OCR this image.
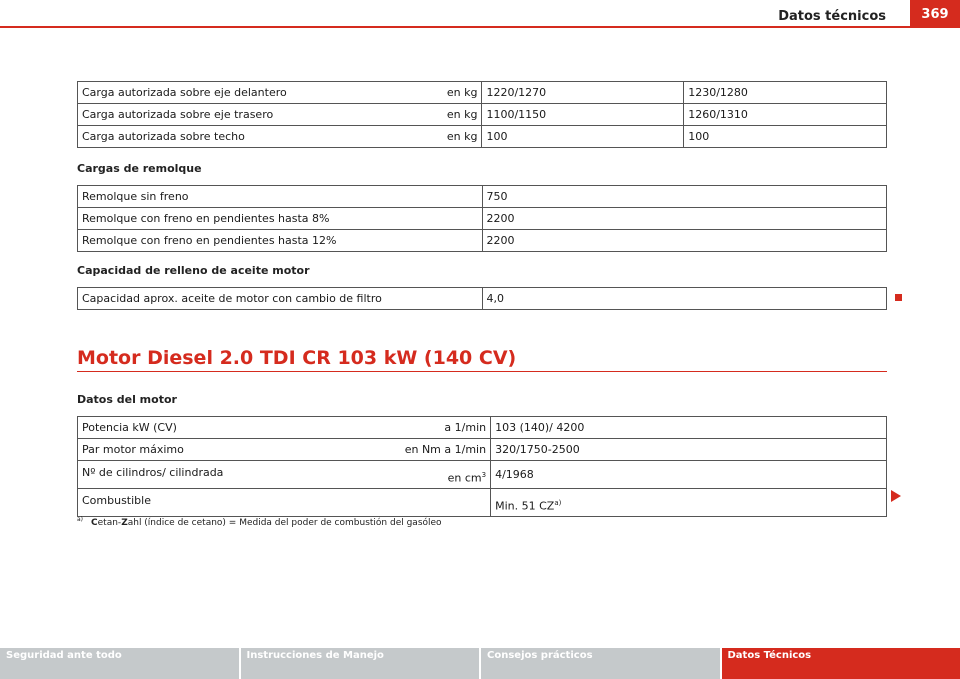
Datos técnicos	369
Carga autorizada sobre eje delantero	en kg	1220/1270	1230/1280
Carga autorizada sobre eje trasero	en kg	1100/1150	1260/1310
Carga autorizada sobre techo	en kg	100	100
Cargas de remolque
Remolque sin freno	750
Remolque con freno en pendientes hasta 8%	2200
Remolque con freno en pendientes hasta 12%	2200
Capacidad de relleno de aceite motor
Capacidad aprox. aceite de motor con cambio de filtro	4,0
Motor Diesel 2.0 TDI CR 103 kW (140 CV)
Datos del motor
Potencia kW (CV)	a 1/min	103 (140)/ 4200
Par motor máximo	en Nm a 1/min	320/1750-2500
Nº de cilindros/ cilindrada	en $cm^3$	4/1968
Combustible		Min. 51 CZ$^{a)}$
$^{a)}$ Cetan-Zahl (índice de cetano) = Medida del poder de combustión del gasóleo
Seguridad ante todo	Instrucciones de Manejo	Consejos prácticos	Datos Técnicos
